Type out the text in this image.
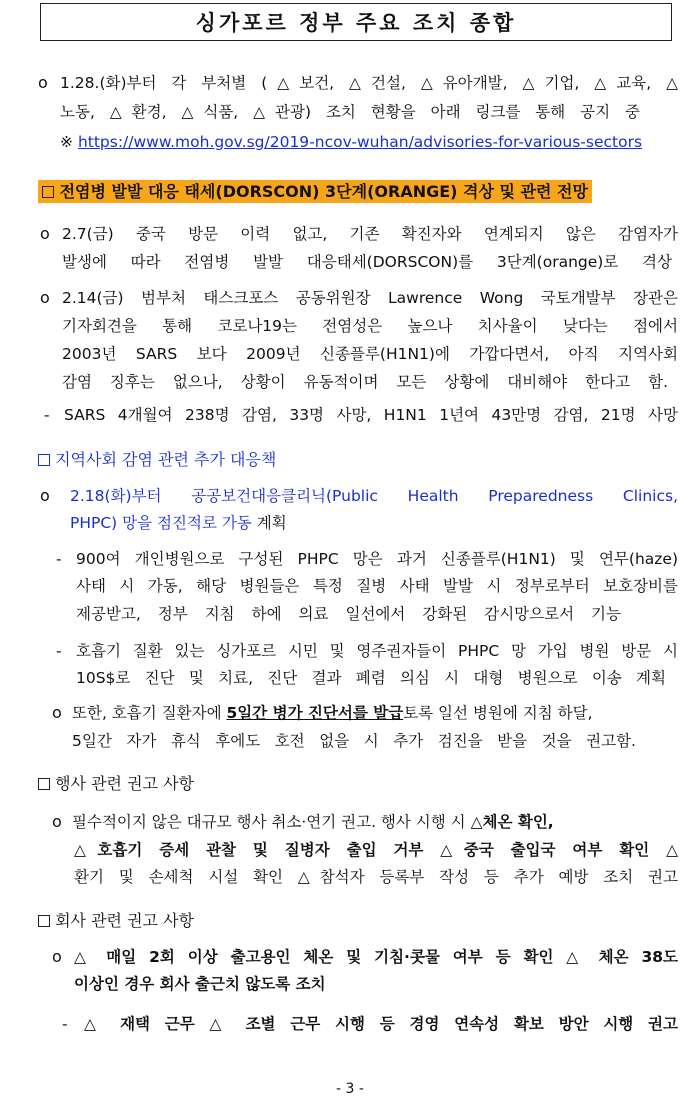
싱가포르 정부 주요 조치 종합
o 1.28.(화)부터 각 부처별 (△보건, △건설, △유아개발, △기업, △교육, △
노동, △환경, △식품, △관광) 조치 현황을 아래 링크를 통해 공지 중
※ https://www.moh.gov.sg/2019-ncov-wuhan/advisories-for-various-sectors
전염병 발발 대응 태세(DORSCON) 3단계(ORANGE) 격상 및 관련 전망
o 2.7(금) 중국 방문 이력 없고, 기존 확진자와 연계되지 않은 감염자가
발생에 따라 전염병 발발 대응태세(DORSCON)를 3단계(orange)로 격상
o 2.14(금) 범부처 태스크포스 공동위원장 Lawrence Wong 국토개발부 장관은
기자회견을 통해 코로나19는 전염성은 높으나 치사율이 낮다는 점에서
2003년 SARS 보다 2009년 신종플루(H1N1)에 가깝다면서, 아직 지역사회
감염 징후는 없으나, 상황이 유동적이며 모든 상황에 대비해야 한다고 함.
- SARS 4개월여 238명 감염, 33명 사망, H1N1 1년여 43만명 감염, 21명 사망
지역사회 감염 관련 추가 대응책
o 2.18(화)부터 공공보건대응클리닉(Public Health Preparedness Clinics,
PHPC) 망을 점진적로 가동 계획
- 900여 개인병원으로 구성된 PHPC 망은 과거 신종플루(H1N1) 및 연무(haze)
사태 시 가동, 해당 병원들은 특정 질병 사태 발발 시 정부로부터 보호장비를
제공받고, 정부 지침 하에 의료 일선에서 강화된 감시망으로서 기능
- 호흡기 질환 있는 싱가포르 시민 및 영주권자들이 PHPC 망 가입 병원 방문 시
10S$로 진단 및 치료, 진단 결과 폐렴 의심 시 대형 병원으로 이송 계획
o 또한, 호흡기 질환자에 5일간 병가 진단서를 발급토록 일선 병원에 지침 하달,
5일간 자가 휴식 후에도 호전 없을 시 추가 검진을 받을 것을 권고함.
행사 관련 권고 사항
o 필수적이지 않은 대규모 행사 취소·연기 권고. 행사 시행 시 △체온 확인,
△호흡기 증세 관찰 및 질병자 출입 거부 △중국 출입국 여부 확인 △
환기 및 손세척 시설 확인 △참석자 등록부 작성 등 추가 예방 조치 권고
회사 관련 권고 사항
o △ 매일 2회 이상 출고용인 체온 및 기침·콧물 여부 등 확인 △ 체온 38도
이상인 경우 회사 출근치 않도록 조치
- △ 재택 근무 △ 조별 근무 시행 등 경영 연속성 확보 방안 시행 권고
- 3 -
